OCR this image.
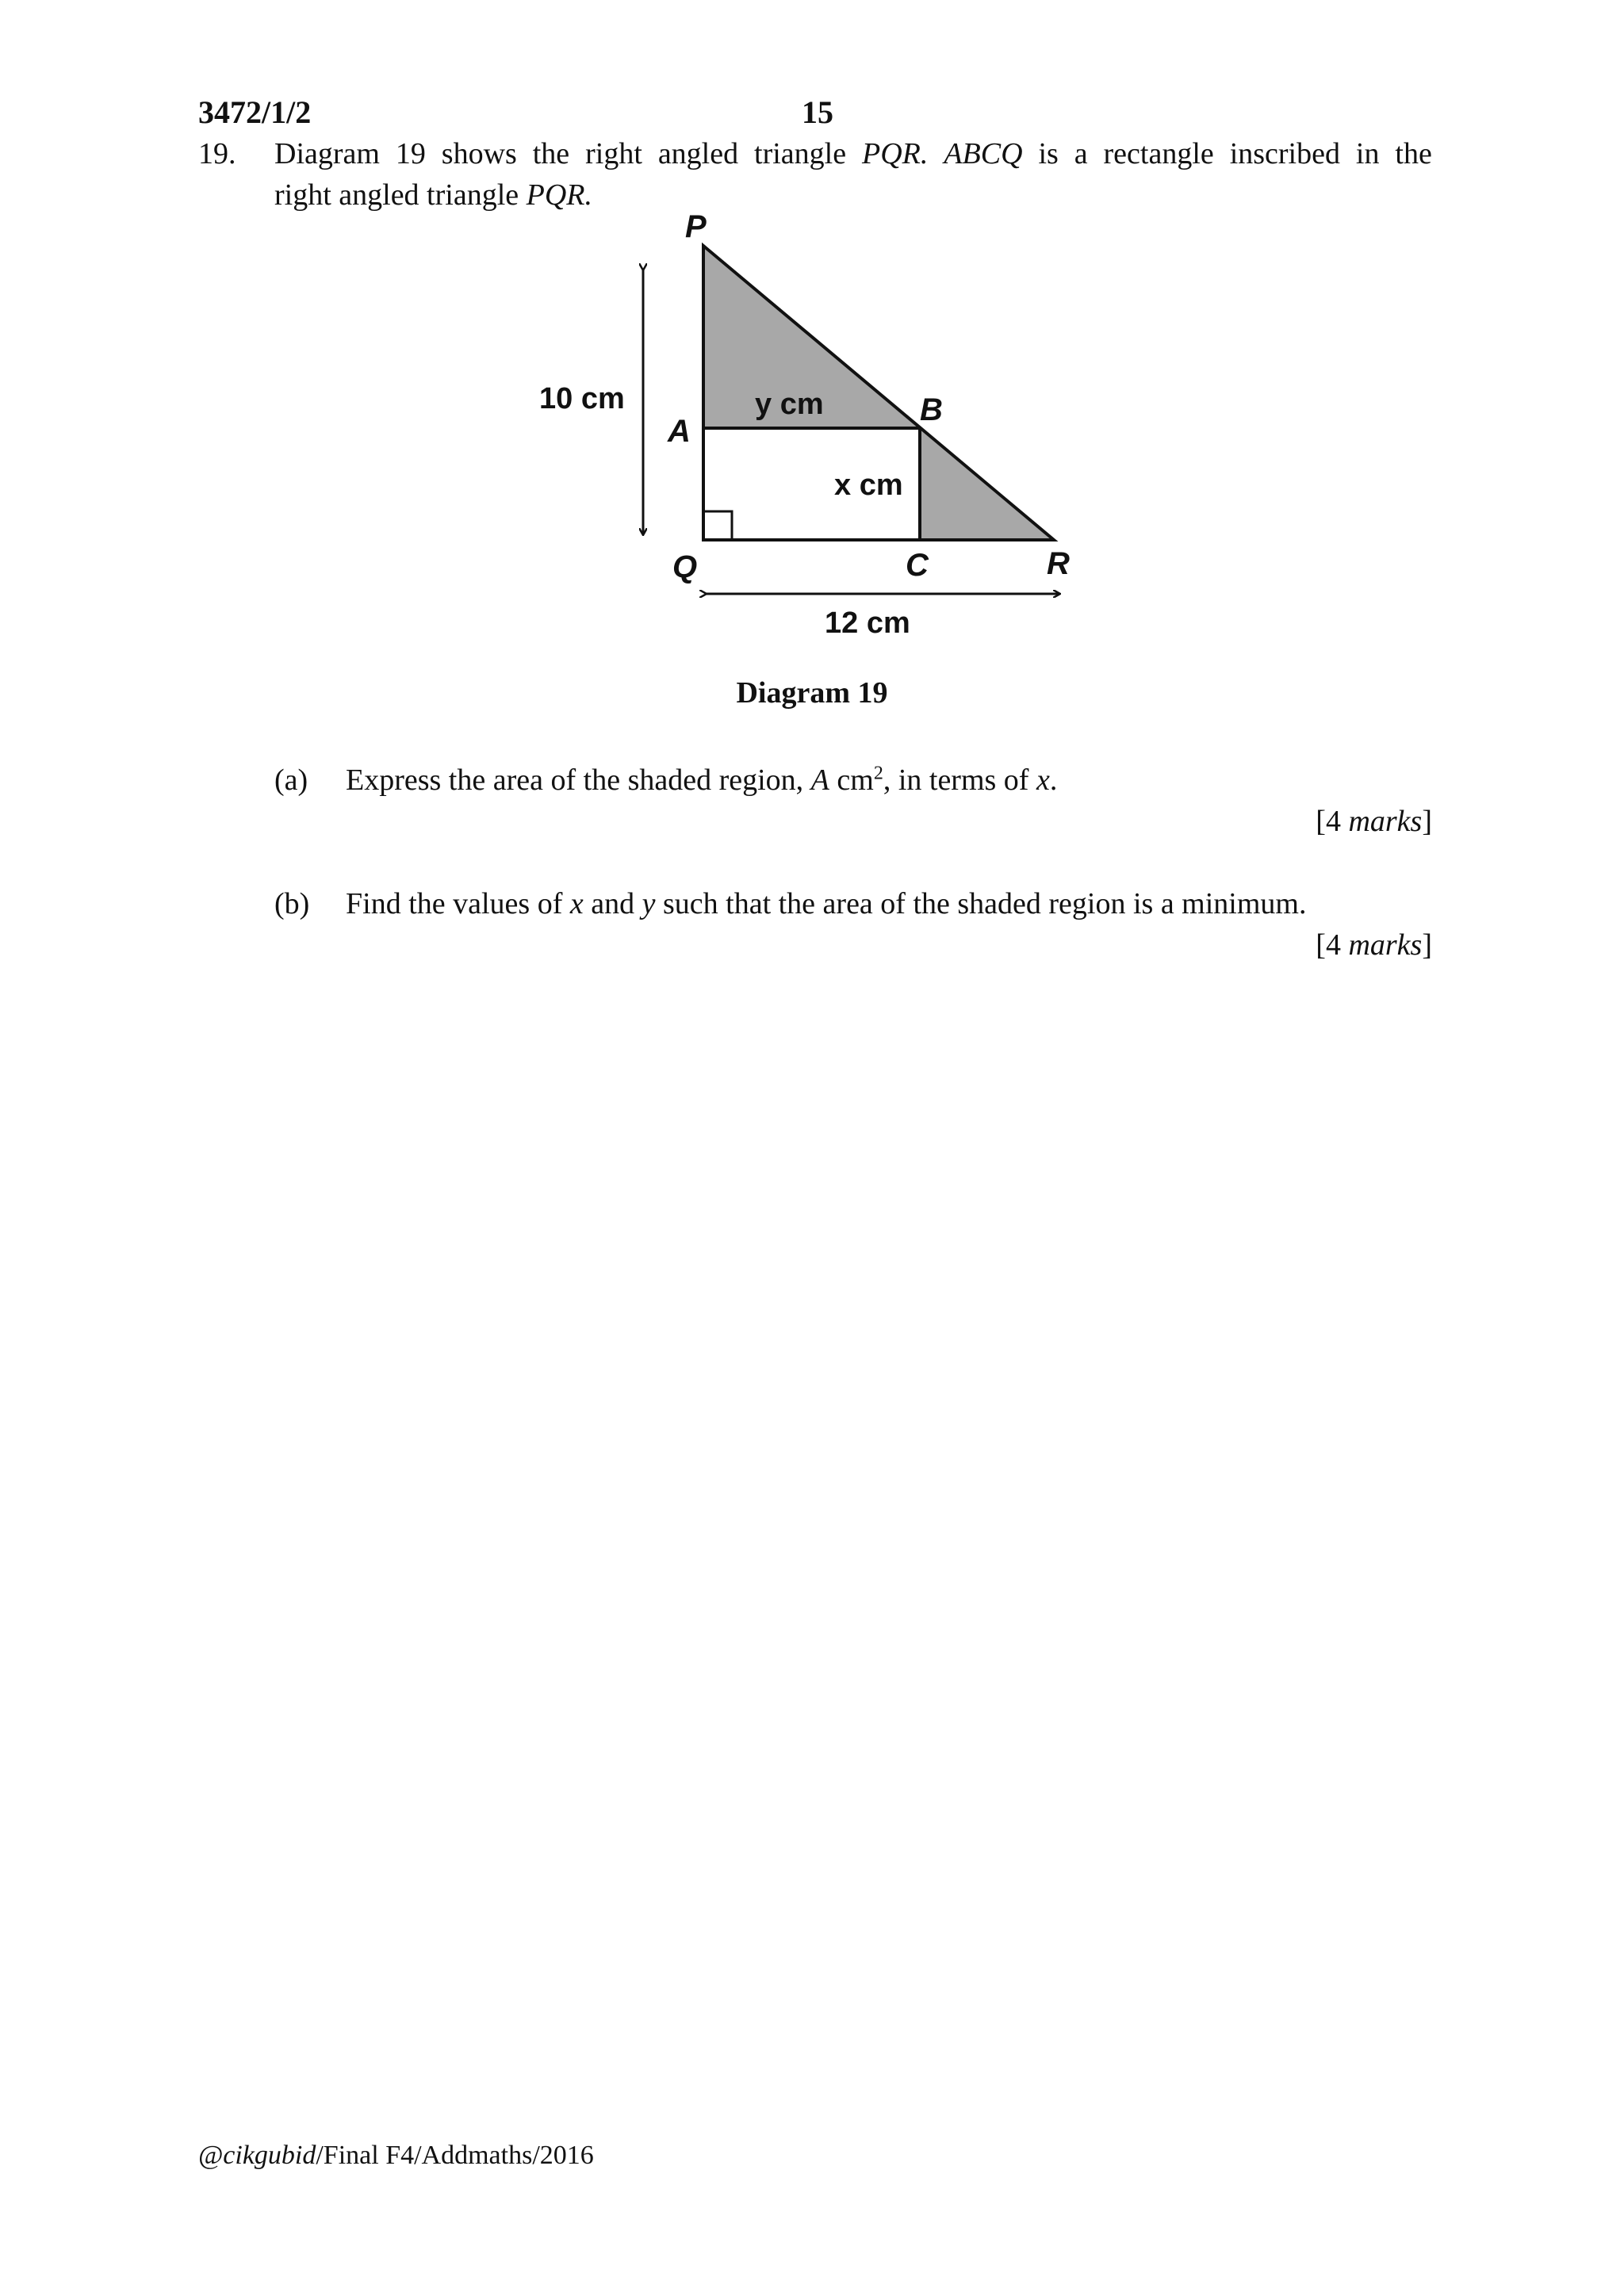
3472/1/2	15
19. Diagram 19 shows the right angled triangle PQR. ABCQ is a rectangle inscribed in the
right angled triangle PQR.
P
A
B
Q	C	R
10 cm	y cm
x cm
12 cm
Diagram 19
(a) Express the area of the shaded region, A $cm^2$, in terms of x.
[4 marks]
(b) Find the values of x and y such that the area of the shaded region is a minimum.
[4 marks]
@cikgubid/Final F4/Addmaths/2016
